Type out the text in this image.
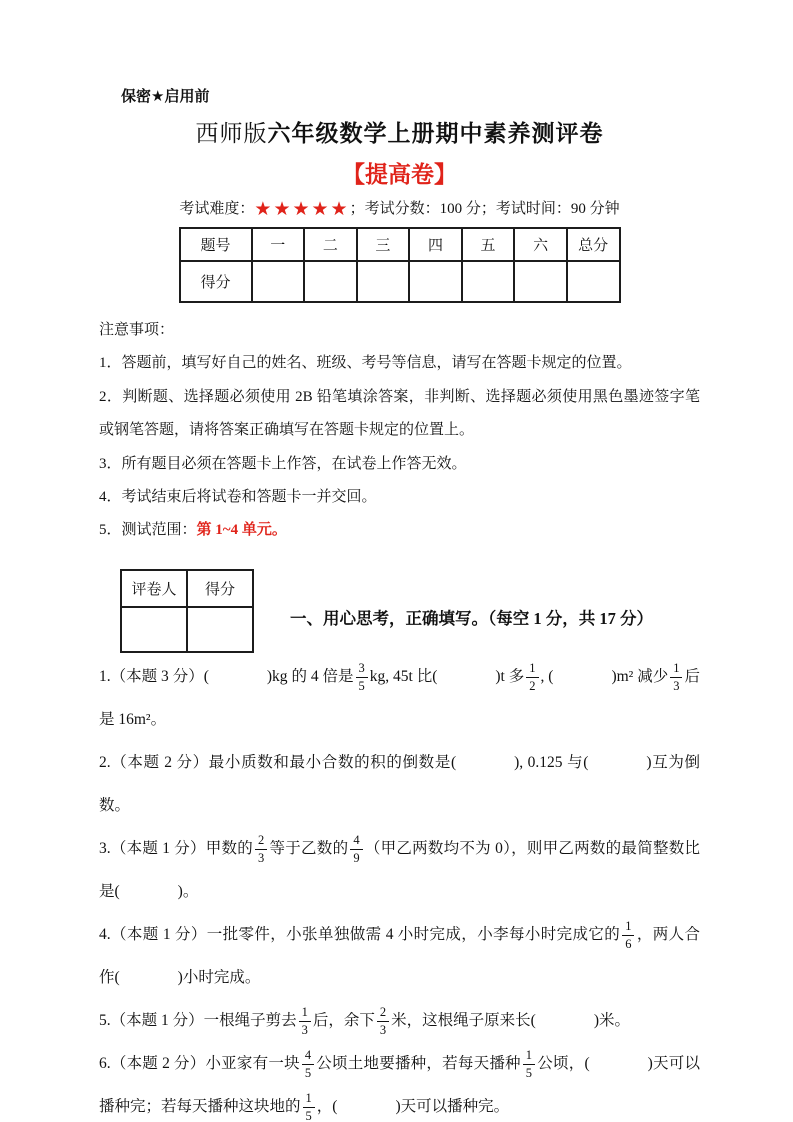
保密★启用前
西师版六年级数学上册期中素养测评卷
【提高卷】
考试难度：★★★★★；考试分数：100 分；考试时间：90 分钟
题号	一	二	三	四	五	六	总分
得分							

注意事项：

1．答题前，填写好自己的姓名、班级、考号等信息，请写在答题卡规定的位置。

2．判断题、选择题必须使用 2B 铅笔填涂答案，非判断、选择题必须使用黑色墨迹签字笔或钢笔答题，请将答案正确填写在答题卡规定的位置上。

3．所有题目必须在答题卡上作答，在试卷上作答无效。

4．考试结束后将试卷和答题卡一并交回。

5．测试范围：第 1~4 单元。

评卷人	得分

一、用心思考，正确填写。（每空 1 分，共 17 分）

1.（本题 3 分）(	)kg 的 4 倍是 $\frac{3}{5}$ kg, 45t 比(	)t 多 $\frac{1}{2}$ , (	)m² 减少 $\frac{1}{3}$ 后是 16m²。

2.（本题 2 分）最小质数和最小合数的积的倒数是(	), 0.125 与(	)互为倒数。

3.（本题 1 分）甲数的 $\frac{2}{3}$ 等于乙数的 $\frac{4}{9}$ （甲乙两数均不为 0），则甲乙两数的最简整数比是(	)。

4.（本题 1 分）一批零件，小张单独做需 4 小时完成，小李每小时完成它的 $\frac{1}{6}$ ，两人合作(	)小时完成。

5.（本题 1 分）一根绳子剪去 $\frac{1}{3}$ 后，余下 $\frac{2}{3}$ 米，这根绳子原来长(	)米。

6.（本题 2 分）小亚家有一块 $\frac{4}{5}$ 公顷土地要播种，若每天播种 $\frac{1}{5}$ 公顷，(	)天可以播种完；若每天播种这块地的 $\frac{1}{5}$ ，(	)天可以播种完。
